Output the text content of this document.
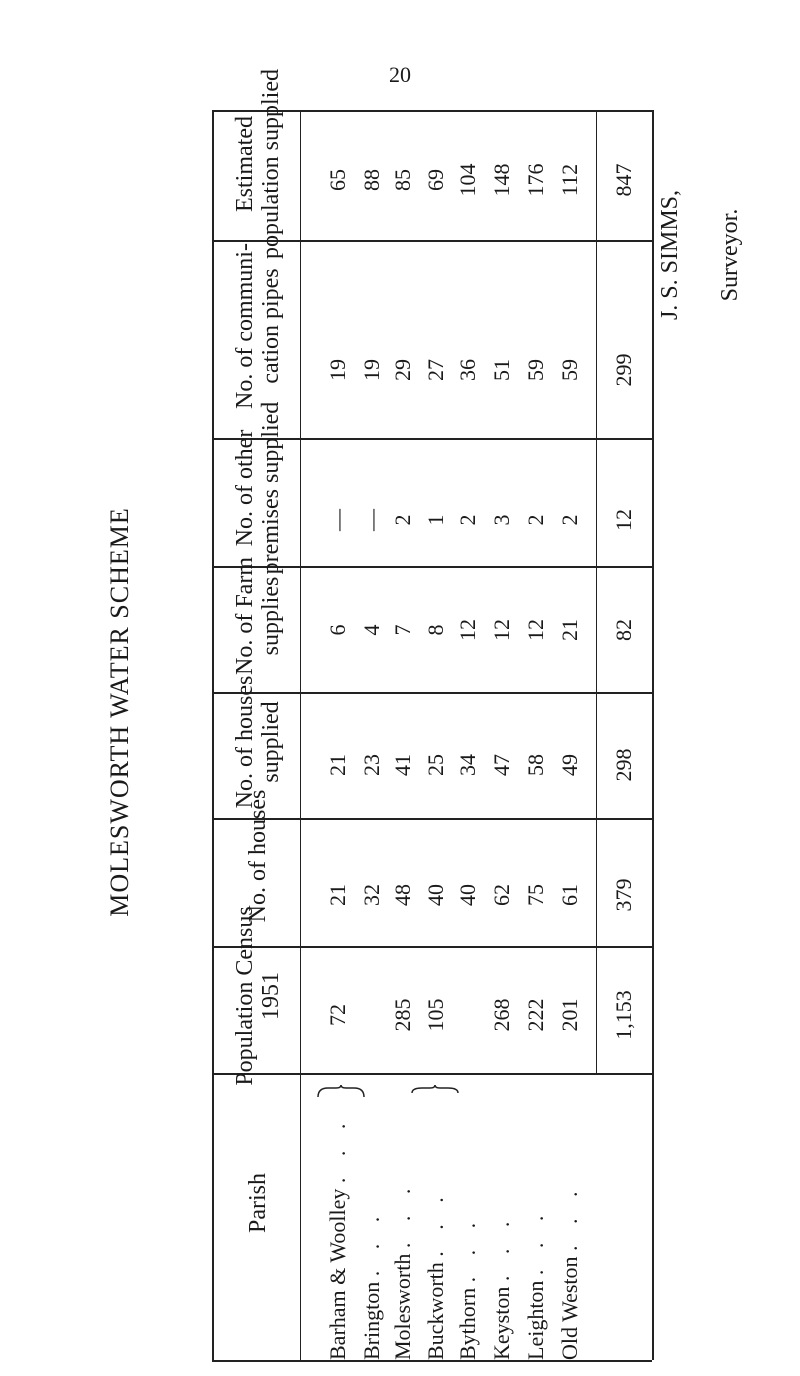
20
MOLESWORTH WATER SCHEME
Estimated population supplied
No. of communi-cation pipes
No. of other premises supplied
No. of Farm supplies
No. of houses supplied
No. of houses
Population Census 1951
Parish
65
19
—
6
21
21
72
Barham & Woolley . . .
88
19
—
4
23
32
Brington . . .
85
29
2
7
41
48
285
Molesworth . . .
69
27
1
8
25
40
105
Buckworth . . .
104
36
2
12
34
40
Bythorn . . .
148
51
3
12
47
62
268
Keyston . . .
176
59
2
12
58
75
222
Leighton . . .
112
59
2
21
49
61
201
Old Weston . . .
847
299
12
82
298
379
1,153

J. S. SIMMS, Surveyor.
